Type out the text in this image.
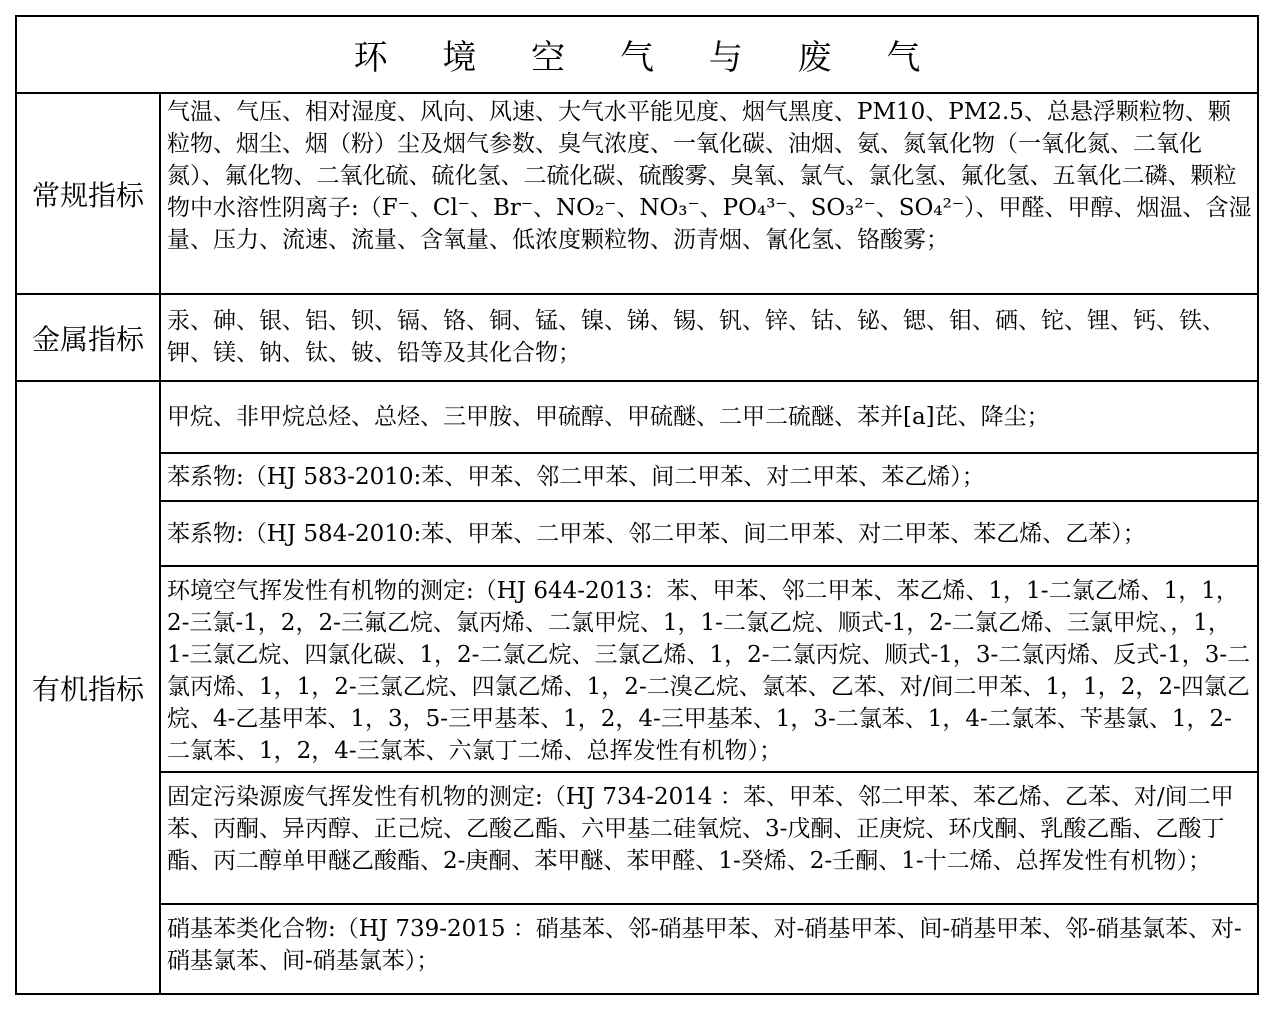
环 境 空 气 与 废 气
常规指标
气温、气压、相对湿度、风向、风速、大气水平能见度、烟气黑度、PM10、PM2.5、总悬浮颗粒物、颗粒物、烟尘、烟（粉）尘及烟气参数、臭气浓度、一氧化碳、油烟、氨、氮氧化物（一氧化氮、二氧化氮）、氟化物、二氧化硫、硫化氢、二硫化碳、硫酸雾、臭氧、氯气、氯化氢、氟化氢、五氧化二磷、颗粒物中水溶性阴离子:（F⁻、Cl⁻、Br⁻、NO₂⁻、NO₃⁻、PO₄³⁻、SO₃²⁻、SO₄²⁻）、甲醛、甲醇、烟温、含湿量、压力、流速、流量、含氧量、低浓度颗粒物、沥青烟、氰化氢、铬酸雾；
金属指标
汞、砷、银、铝、钡、镉、铬、铜、锰、镍、锑、锡、钒、锌、钴、铋、锶、钼、硒、铊、锂、钙、铁、钾、镁、钠、钛、铍、铅等及其化合物；
有机指标
甲烷、非甲烷总烃、总烃、三甲胺、甲硫醇、甲硫醚、二甲二硫醚、苯并[a]芘、降尘；
苯系物:（HJ 583-2010:苯、甲苯、邻二甲苯、间二甲苯、对二甲苯、苯乙烯）；
苯系物:（HJ 584-2010:苯、甲苯、二甲苯、邻二甲苯、间二甲苯、对二甲苯、苯乙烯、乙苯）；
环境空气挥发性有机物的测定:（HJ 644-2013：苯、甲苯、邻二甲苯、苯乙烯、1，1-二氯乙烯、1，1，2-三氯-1，2，2-三氟乙烷、氯丙烯、二氯甲烷、1，1-二氯乙烷、顺式-1，2-二氯乙烯、三氯甲烷、，1，1-三氯乙烷、四氯化碳、1，2-二氯乙烷、三氯乙烯、1，2-二氯丙烷、顺式-1，3-二氯丙烯、反式-1，3-二氯丙烯、1，1，2-三氯乙烷、四氯乙烯、1，2-二溴乙烷、氯苯、乙苯、对/间二甲苯、1，1，2，2-四氯乙烷、4-乙基甲苯、1，3，5-三甲基苯、1，2，4-三甲基苯、1，3-二氯苯、1，4-二氯苯、苄基氯、1，2-二氯苯、1，2，4-三氯苯、六氯丁二烯、总挥发性有机物）；
固定污染源废气挥发性有机物的测定:（HJ 734-2014 ：苯、甲苯、邻二甲苯、苯乙烯、乙苯、对/间二甲苯、丙酮、异丙醇、正己烷、乙酸乙酯、六甲基二硅氧烷、3-戊酮、正庚烷、环戊酮、乳酸乙酯、乙酸丁酯、丙二醇单甲醚乙酸酯、2-庚酮、苯甲醚、苯甲醛、1-癸烯、2-壬酮、1-十二烯、总挥发性有机物）；
硝基苯类化合物:（HJ 739-2015 ：硝基苯、邻-硝基甲苯、对-硝基甲苯、间-硝基甲苯、邻-硝基氯苯、对-硝基氯苯、间-硝基氯苯）；
